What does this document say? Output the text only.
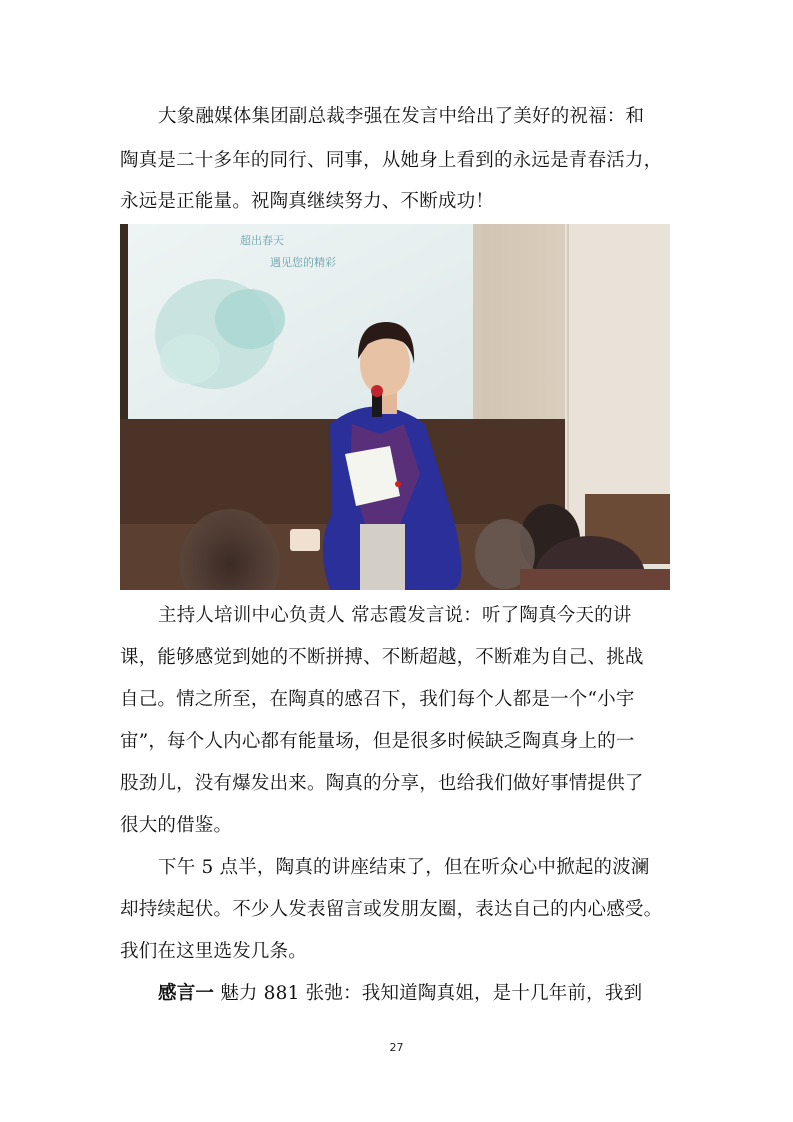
大象融媒体集团副总裁李强在发言中给出了美好的祝福：和
陶真是二十多年的同行、同事，从她身上看到的永远是青春活力，
永远是正能量。祝陶真继续努力、不断成功！
超出春天
遇见您的精彩
主持人培训中心负责人 常志霞发言说：听了陶真今天的讲
课，能够感觉到她的不断拼搏、不断超越，不断难为自己、挑战
自己。情之所至，在陶真的感召下，我们每个人都是一个“小宇
宙”，每个人内心都有能量场，但是很多时候缺乏陶真身上的一
股劲儿，没有爆发出来。陶真的分享，也给我们做好事情提供了
很大的借鉴。
下午 5 点半，陶真的讲座结束了，但在听众心中掀起的波澜
却持续起伏。不少人发表留言或发朋友圈，表达自己的内心感受。
我们在这里选发几条。
感言一 魅力 881 张弛：我知道陶真姐，是十几年前，我到
27
